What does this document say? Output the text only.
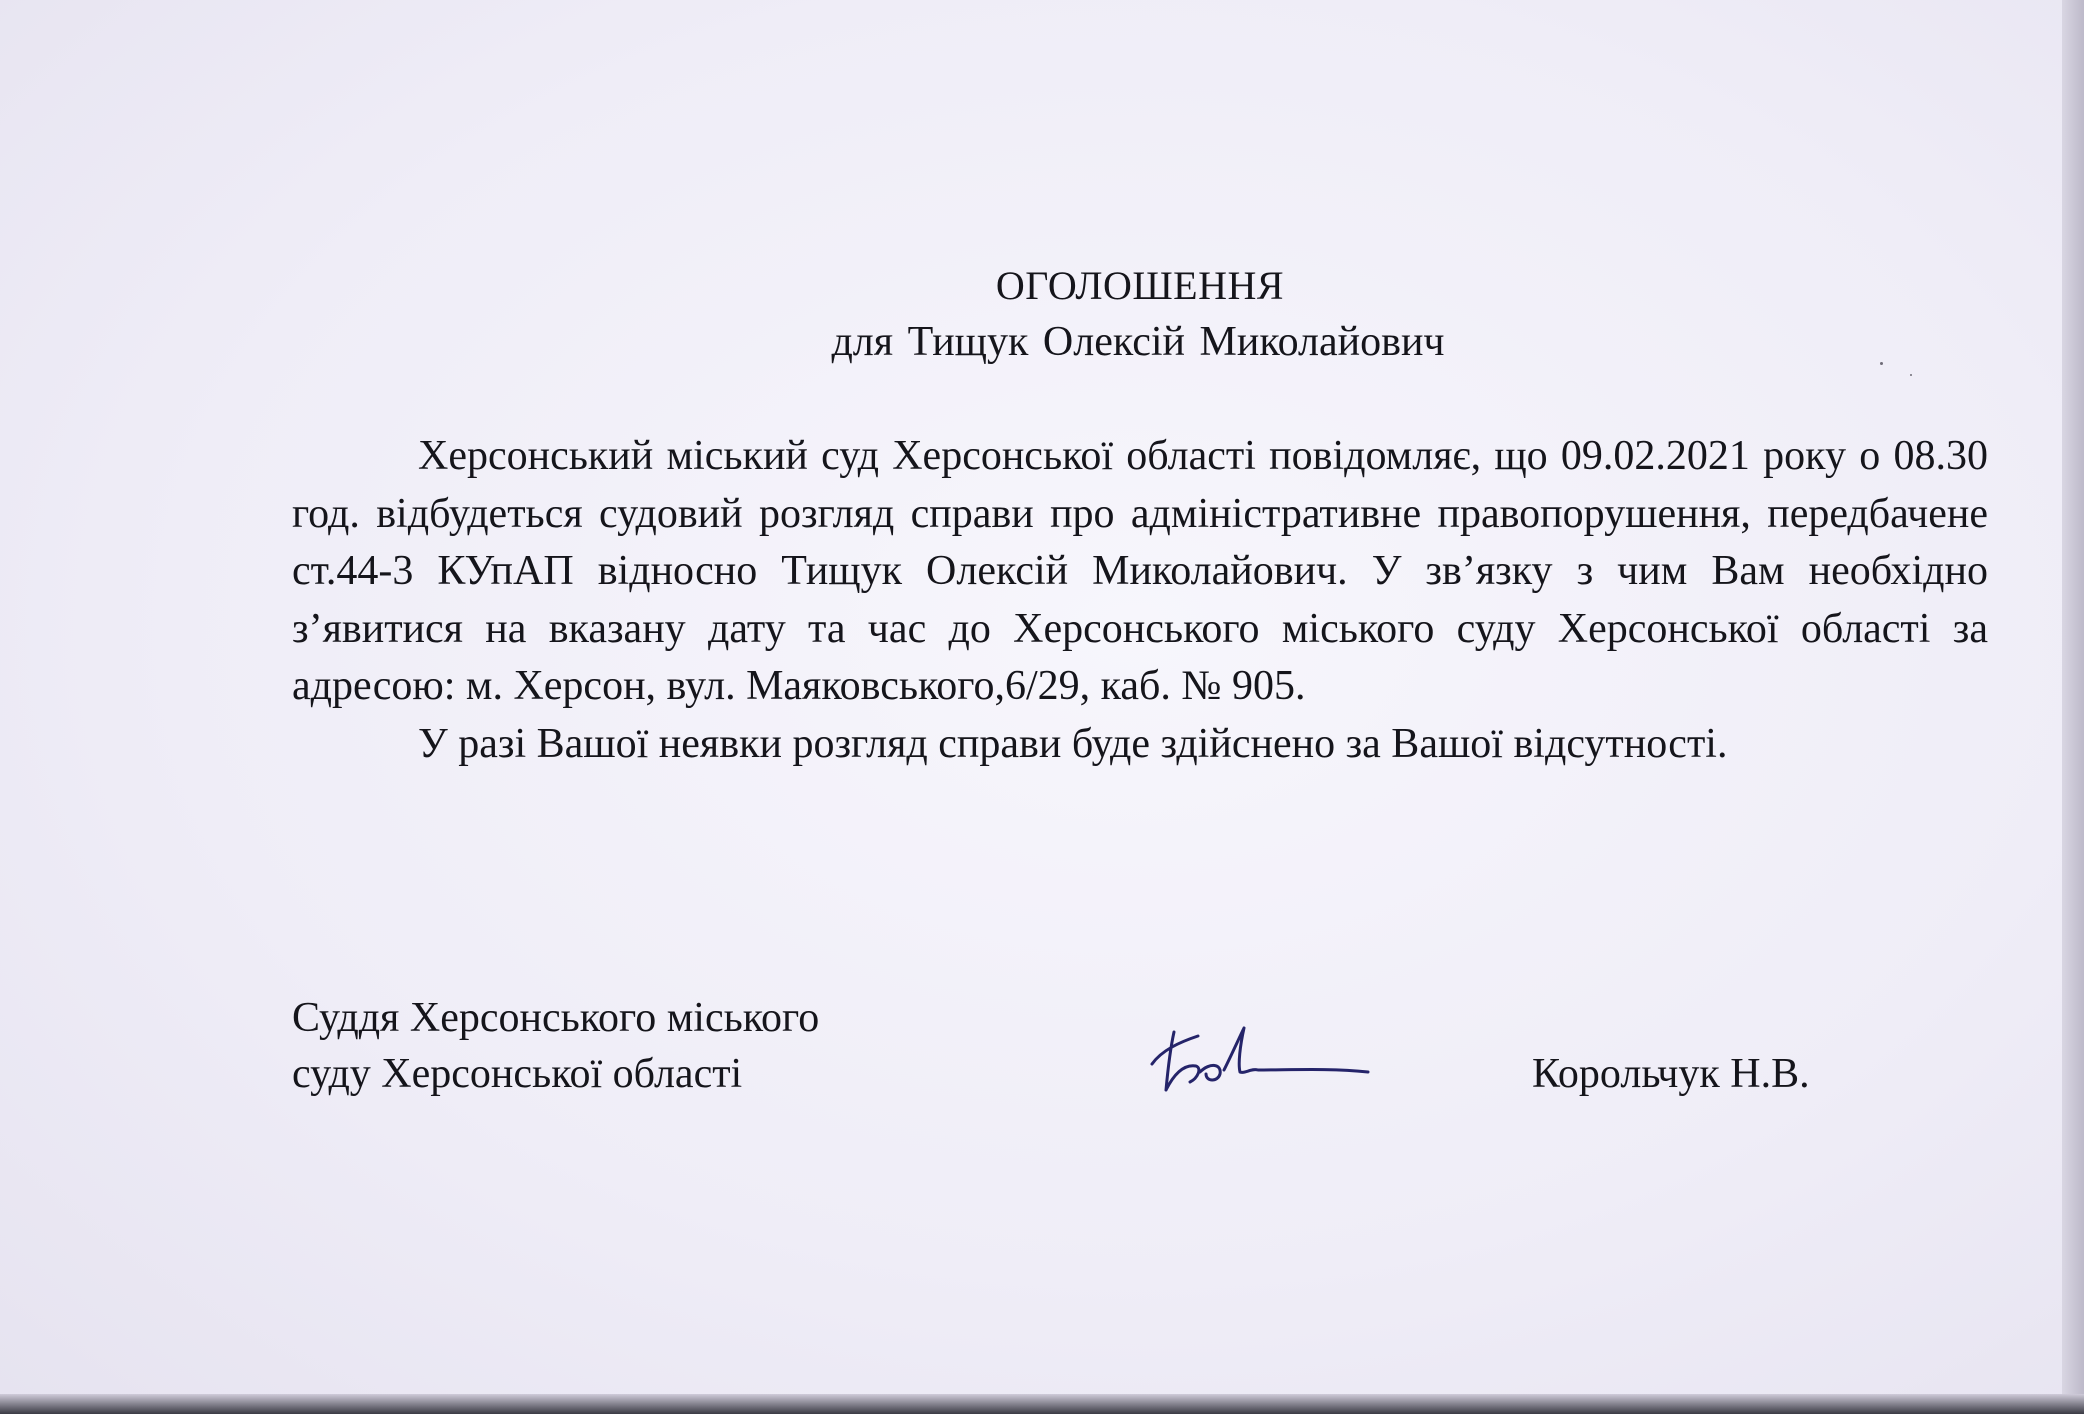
ОГОЛОШЕННЯ
для Тищук Олексій Миколайович

Херсонський міський суд Херсонської області повідомляє, що 09.02.2021 року о 08.30 год. відбудеться судовий розгляд справи про адміністративне правопорушення, передбачене ст.44-3 КУпАП відносно Тищук Олексій Миколайович. У зв’язку з чим Вам необхідно з’явитися на вказану дату та час до Херсонського міського суду Херсонської області за адресою: м. Херсон, вул. Маяковського,6/29, каб. № 905.

У разі Вашої неявки розгляд справи буде здійснено за Вашої відсутності.

Суддя Херсонського міського
суду Херсонської області	Корольчук Н.В.
